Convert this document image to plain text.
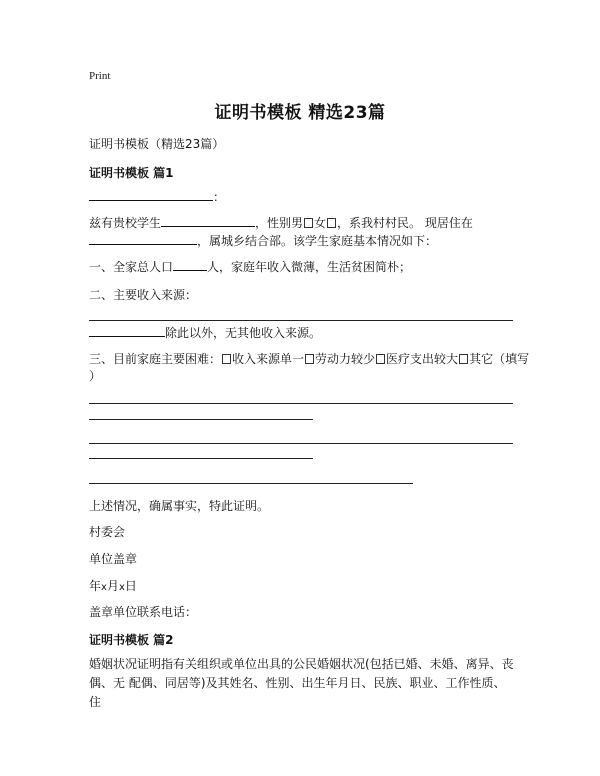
Print
证明书模板 精选23篇
证明书模板（精选23篇）
证明书模板 篇1
：
兹有贵校学生	，性别男 女 ，系我村村民。 现居住在
，属城乡结合部。该学生家庭基本情况如下：
一、全家总人口	人，家庭年收入微薄，生活贫困简朴；
二、主要收入来源：
除此以外，无其他收入来源。
三、目前家庭主要困难： 收入来源单一 劳动力较少 医疗支出较大 其它（填写
）
上述情况，确属事实，特此证明。
村委会
单位盖章
年x月x日
盖章单位联系电话：
证明书模板 篇2
婚姻状况证明指有关组织或单位出具的公民婚姻状况(包括已婚、未婚、离异、丧偶、无 配偶、同居等)及其姓名、性别、出生年月日、民族、职业、工作性质、住
